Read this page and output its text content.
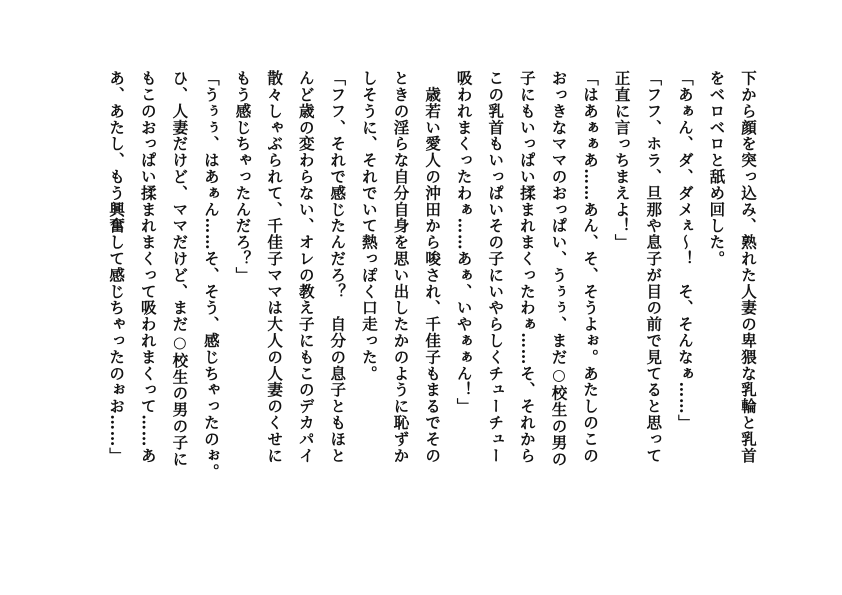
下から顔を突っ込み、熟れた人妻の卑猥な乳輪と乳首
をベロベロと舐め回した。
「あぁん、ダ、ダメぇ～！　そ、そんなぁ……」
「フフ、ホラ、旦那や息子が目の前で見てると思って
正直に言っちまえよ！」
「はあぁぁあ……あん、そ、そうよぉ。あたしのこの
おっきなママのおっぱい、うぅぅ、まだ○校生の男の
子にもいっぱい揉まれまくったわぁ……そ、それから
この乳首もいっぱいその子にいやらしくチューチュー
吸われまくったわぁ……あぁ、いやぁぁん！」
　歳若い愛人の沖田から唆され、千佳子もまるでその
ときの淫らな自分自身を思い出したかのように恥ずか
しそうに、それでいて熱っぽく口走った。
「フフ、それで感じたんだろ？　自分の息子ともほと
んど歳の変わらない、オレの教え子にもこのデカパイ
散々しゃぶられて、千佳子ママは大人の人妻のくせに
もう感じちゃったんだろ？」
「うぅぅ、はあぁん……そ、そう、感じちゃったのぉ。
ひ、人妻だけど、ママだけど、まだ○校生の男の子に
もこのおっぱい揉まれまくって吸われまくって……あ
あ、あたし、もう興奮して感じちゃったのぉお……」
